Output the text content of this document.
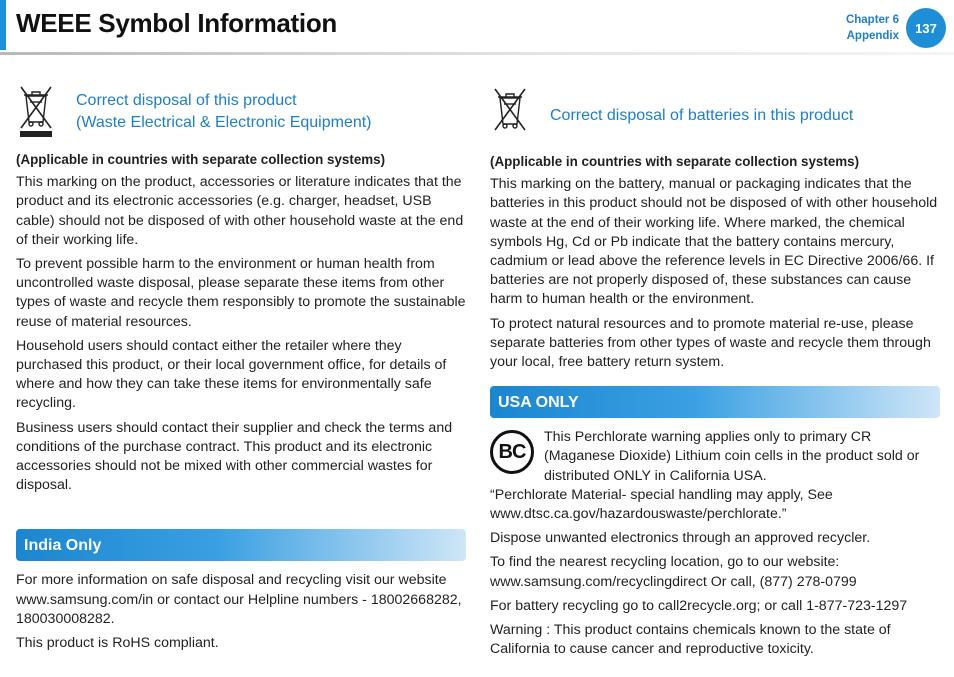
WEEE Symbol Information	Chapter 6
Appendix
137
Correct disposal of this product
(Waste Electrical & Electronic Equipment)
(Applicable in countries with separate collection systems)

This marking on the product, accessories or literature indicates that the product and its electronic accessories (e.g. charger, headset, USB cable) should not be disposed of with other household waste at the end of their working life.

To prevent possible harm to the environment or human health from uncontrolled waste disposal, please separate these items from other types of waste and recycle them responsibly to promote the sustainable reuse of material resources.

Household users should contact either the retailer where they purchased this product, or their local government office, for details of where and how they can take these items for environmentally safe recycling.

Business users should contact their supplier and check the terms and conditions of the purchase contract. This product and its electronic accessories should not be mixed with other commercial wastes for disposal.

India Only

For more information on safe disposal and recycling visit our website www.samsung.com/in or contact our Helpline numbers - 18002668282, 180030008282.

This product is RoHS compliant.

Correct disposal of batteries in this product
(Applicable in countries with separate collection systems)

This marking on the battery, manual or packaging indicates that the batteries in this product should not be disposed of with other household waste at the end of their working life. Where marked, the chemical symbols Hg, Cd or Pb indicate that the battery contains mercury, cadmium or lead above the reference levels in EC Directive 2006/66. If batteries are not properly disposed of, these substances can cause harm to human health or the environment.

To protect natural resources and to promote material re-use, please separate batteries from other types of waste and recycle them through your local, free battery return system.

USA ONLY
BC
This Perchlorate warning applies only to primary CR (Maganese Dioxide) Lithium coin cells in the product sold or distributed ONLY in California USA.

“Perchlorate Material- special handling may apply, See www.dtsc.ca.gov/hazardouswaste/perchlorate.”

Dispose unwanted electronics through an approved recycler.

To find the nearest recycling location, go to our website: www.samsung.com/recyclingdirect Or call, (877) 278-0799

For battery recycling go to call2recycle.org; or call 1-877-723-1297

Warning : This product contains chemicals known to the state of California to cause cancer and reproductive toxicity.
